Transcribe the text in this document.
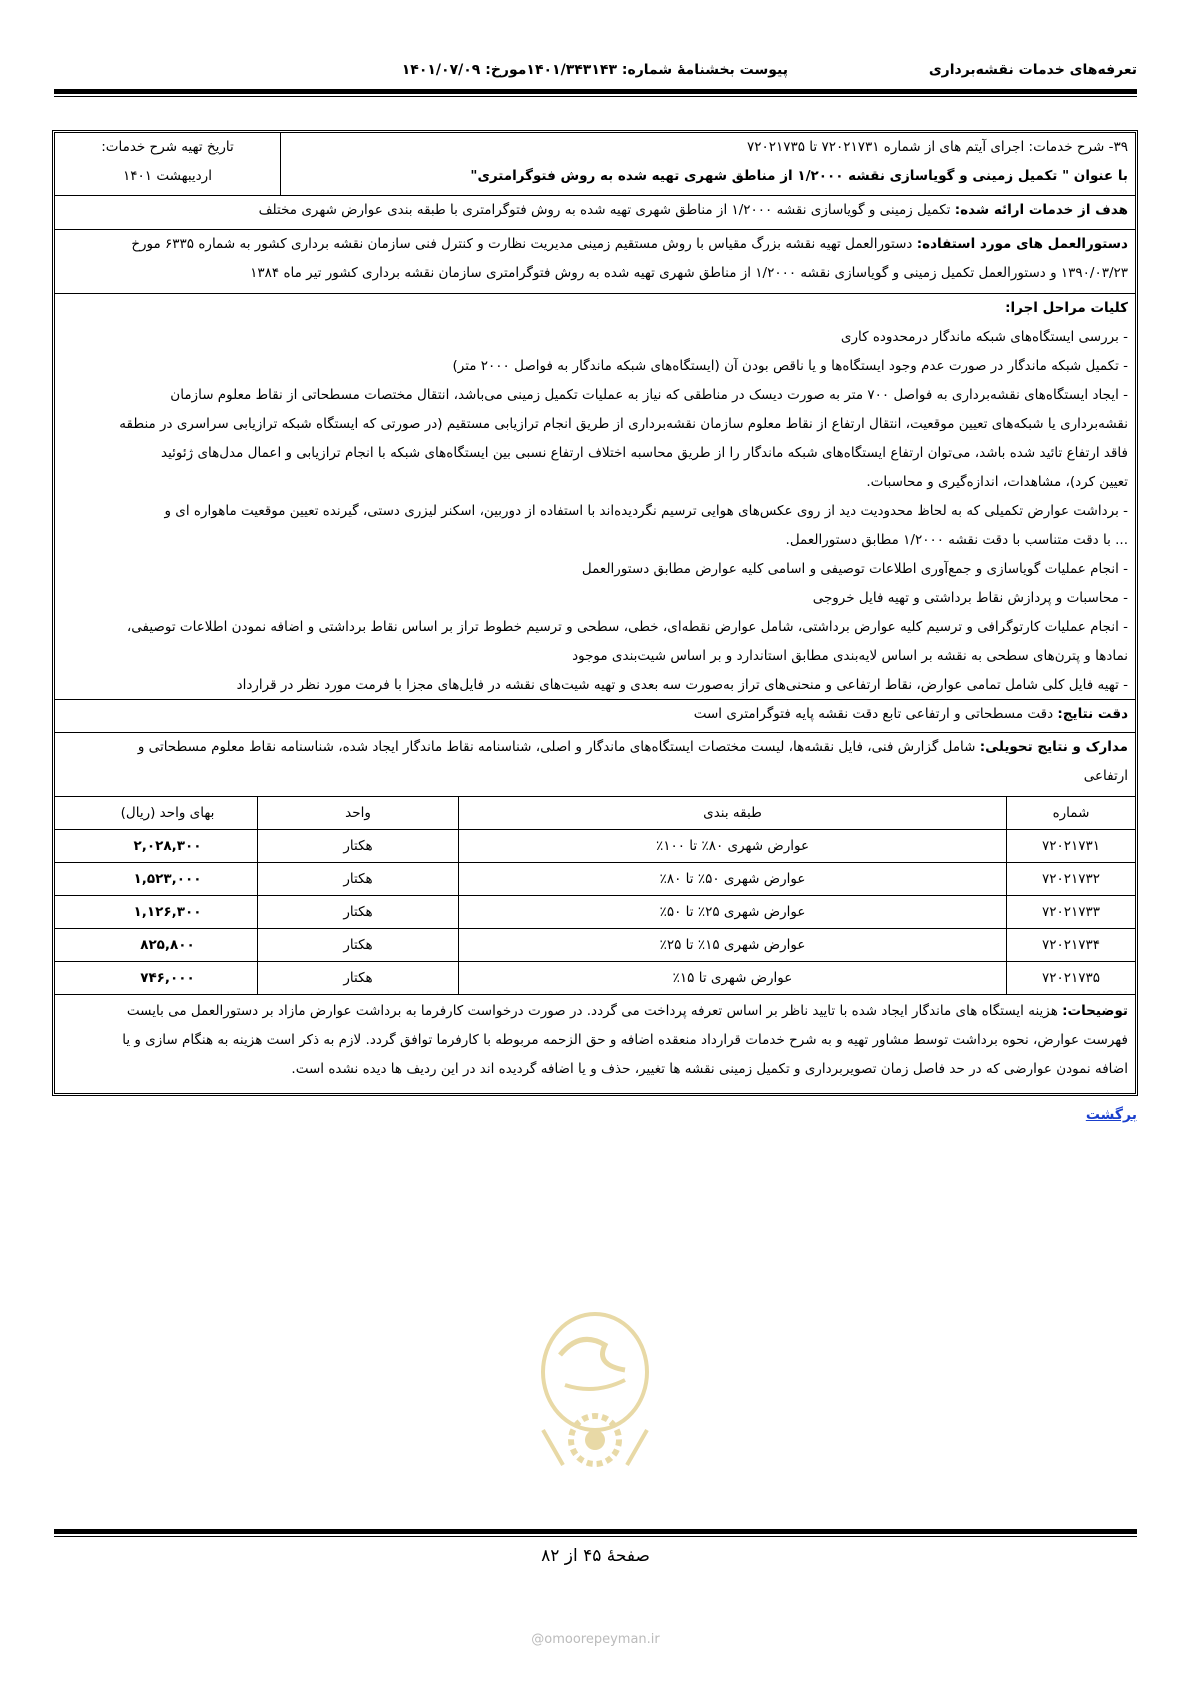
تعرفه‌های خدمات نقشه‌برداری
پیوست بخشنامهٔ شماره: ۱۴۰۱/۳۴۳۱۴۳مورخ: ۱۴۰۱/۰۷/۰۹
۳۹- شرح خدمات: اجرای آیتم های از شماره ۷۲۰۲۱۷۳۱ تا ۷۲۰۲۱۷۳۵
با عنوان " تکمیل زمینی و گویاسازی نقشه ۱/۲۰۰۰ از مناطق شهری تهیه شده به روش فتوگرامتری"
تاریخ تهیه شرح خدمات:
اردیبهشت ۱۴۰۱
هدف از خدمات ارائه شده: تکمیل زمینی و گویاسازی نقشه ۱/۲۰۰۰ از مناطق شهری تهیه شده به روش فتوگرامتری با طبقه بندی عوارض شهری مختلف
دستورالعمل های مورد استفاده: دستورالعمل تهیه نقشه بزرگ مقیاس با روش مستقیم زمینی مدیریت نظارت و کنترل فنی سازمان نقشه برداری کشور به شماره ۶۳۳۵ مورخ
۱۳۹۰/۰۳/۲۳ و دستورالعمل تکمیل زمینی و گویاسازی نقشه ۱/۲۰۰۰ از مناطق شهری تهیه شده به روش فتوگرامتری سازمان نقشه برداری کشور تیر ماه ۱۳۸۴
کلیات مراحل اجرا:
- بررسی ایستگاه‌های شبکه ماندگار درمحدوده کاری
- تکمیل شبکه ماندگار در صورت عدم وجود ایستگاه‌ها و یا ناقص بودن آن (ایستگاه‌های شبکه ماندگار به فواصل ۲۰۰۰ متر)
- ایجاد ایستگاه‌های نقشه‌برداری به فواصل ۷۰۰ متر به صورت دیسک در مناطقی که نیاز به عملیات تکمیل زمینی می‌باشد، انتقال مختصات مسطحاتی از نقاط معلوم سازمان
نقشه‌برداری یا شبکه‌های تعیین موقعیت، انتقال ارتفاع از نقاط معلوم سازمان نقشه‌برداری از طریق انجام ترازیابی مستقیم (در صورتی که ایستگاه شبکه ترازیابی سراسری در منطقه
فاقد ارتفاع تائید شده باشد، می‌توان ارتفاع ایستگاه‌های شبکه ماندگار را از طریق محاسبه اختلاف ارتفاع نسبی بین ایستگاه‌های شبکه با انجام ترازیابی و اعمال مدل‌های ژئوئید
تعیین کرد)، مشاهدات، اندازه‌گیری و محاسبات.
- برداشت عوارض تکمیلی که به لحاظ محدودیت دید از روی عکس‌های هوایی ترسیم نگردیده‌اند با استفاده از دوربین، اسکنر لیزری دستی، گیرنده تعیین موقعیت ماهواره ای و
... با دقت متناسب با دقت نقشه ۱/۲۰۰۰ مطابق دستورالعمل.
- انجام عملیات گویاسازی و جمع‌آوری اطلاعات توصیفی و اسامی کلیه عوارض مطابق دستورالعمل
- محاسبات و پردازش نقاط برداشتی و تهیه فایل خروجی
- انجام عملیات کارتوگرافی و ترسیم کلیه عوارض برداشتی، شامل عوارض نقطه‌ای، خطی، سطحی و ترسیم خطوط تراز بر اساس نقاط برداشتی و اضافه نمودن اطلاعات توصیفی،
نمادها و پترن‌های سطحی به نقشه بر اساس لایه‌بندی مطابق استاندارد و بر اساس شیت‌بندی موجود
- تهیه فایل کلی شامل تمامی عوارض، نقاط ارتفاعی و منحنی‌های تراز به‌صورت سه بعدی و تهیه شیت‌های نقشه در فایل‌های مجزا با فرمت مورد نظر در قرارداد
دقت نتایج: دقت مسطحاتی و ارتفاعی تابع دقت نقشه پایه فتوگرامتری است
مدارک و نتایج تحویلی: شامل گزارش فنی، فایل نقشه‌ها، لیست مختصات ایستگاه‌های ماندگار و اصلی، شناسنامه نقاط ماندگار ایجاد شده، شناسنامه نقاط معلوم مسطحاتی و
ارتفاعی
شماره
طبقه بندی
واحد
بهای واحد (ریال)
۷۲۰۲۱۷۳۱
عوارض شهری ۸۰٪ تا ۱۰۰٪
هکتار
۲,۰۲۸,۳۰۰
۷۲۰۲۱۷۳۲
عوارض شهری ۵۰٪ تا ۸۰٪
هکتار
۱,۵۲۳,۰۰۰
۷۲۰۲۱۷۳۳
عوارض شهری ۲۵٪ تا ۵۰٪
هکتار
۱,۱۲۶,۳۰۰
۷۲۰۲۱۷۳۴
عوارض شهری ۱۵٪ تا ۲۵٪
هکتار
۸۲۵,۸۰۰
۷۲۰۲۱۷۳۵
عوارض شهری تا ۱۵٪
هکتار
۷۴۶,۰۰۰
توضیحات: هزینه ایستگاه های ماندگار ایجاد شده با تایید ناظر بر اساس تعرفه پرداخت می گردد. در صورت درخواست کارفرما به برداشت عوارض مازاد بر دستورالعمل می بایست
فهرست عوارض، نحوه برداشت توسط مشاور تهیه و به شرح خدمات قرارداد منعقده اضافه و حق الزحمه مربوطه با کارفرما توافق گردد. لازم به ذکر است هزینه به هنگام سازی و یا
اضافه نمودن عوارضی که در حد فاصل زمان تصویربرداری و تکمیل زمینی نقشه ها تغییر، حذف و یا اضافه گردیده اند در این ردیف ها دیده نشده است.
برگشت
صفحهٔ ۴۵ از ۸۲
@omoorepeyman.ir
